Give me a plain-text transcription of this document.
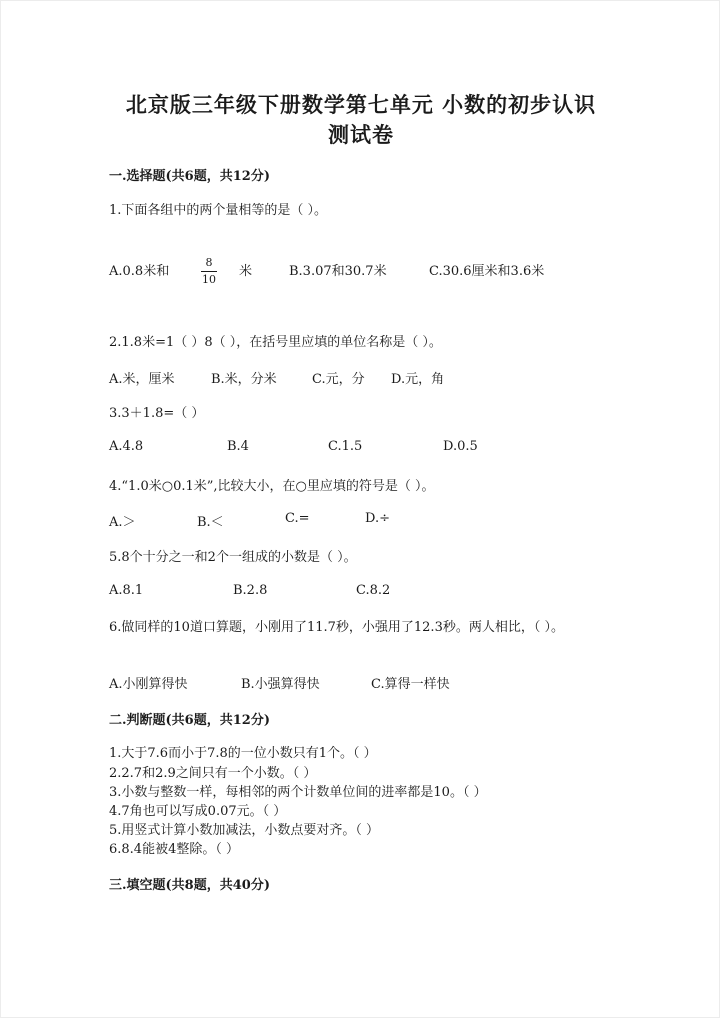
北京版三年级下册数学第七单元 小数的初步认识
测试卷
一.选择题(共6题，共12分)
1.下面各组中的两个量相等的是（ ）。
A.0.8米和
8
10
米	B.3.07和30.7米	C.30.6厘米和3.6米
2.1.8米=1（ ）8（ ），在括号里应填的单位名称是（ ）。
A.米，厘米	B.米，分米	C.元，分 D.元，角
3.3＋1.8=（ ）
A.4.8	B.4	C.1.5	D.0.5
4.“1.0米○0.1米”,比较大小，在○里应填的符号是（ ）。
A.＞	B.＜	C.=	D.÷
5.8个十分之一和2个一组成的小数是（ ）。
A.8.1	B.2.8	C.8.2
6.做同样的10道口算题，小刚用了11.7秒，小强用了12.3秒。两人相比，（ ）。
A.小刚算得快	B.小强算得快	C.算得一样快
二.判断题(共6题，共12分)
1.大于7.6而小于7.8的一位小数只有1个。（ ）
2.2.7和2.9之间只有一个小数。（ ）
3.小数与整数一样，每相邻的两个计数单位间的进率都是10。（ ）
4.7角也可以写成0.07元。（ ）
5.用竖式计算小数加减法，小数点要对齐。（ ）
6.8.4能被4整除。（ ）
三.填空题(共8题，共40分)
